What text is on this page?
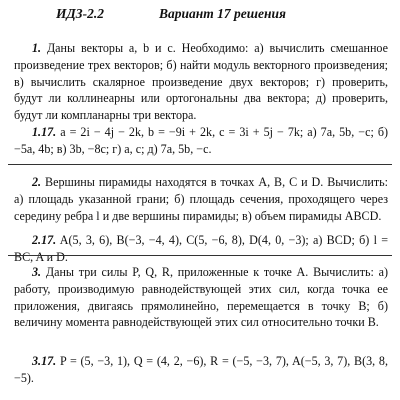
ИДЗ-2.2	Вариант 17 решения

1. Даны векторы a, b и c. Необходимо: а) вычислить смешанное произведение трех векторов; б) найти модуль векторного произведения; в) вычислить скалярное произведение двух векторов; г) проверить, будут ли коллинеарны или ортогональны два вектора; д) проверить, будут ли компланарны три вектора.

1.17. a = 2i − 4j − 2k, b = −9i + 2k, c = 3i + 5j − 7k; а) 7a, 5b, −c; б) −5a, 4b; в) 3b, −8c; г) a, c; д) 7a, 5b, −c.

2. Вершины пирамиды находятся в точках A, B, C и D. Вычислить: а) площадь указанной грани; б) площадь сечения, проходящего через середину ребра l и две вершины пирамиды; в) объем пирамиды ABCD.

2.17. A(5, 3, 6), B(−3, −4, 4), C(5, −6, 8), D(4, 0, −3); а) BCD; б) l = BC, A и D.

3. Даны три силы P, Q, R, приложенные к точке A. Вычислить: а) работу, производимую равнодействующей этих сил, когда точка ее приложения, двигаясь прямолинейно, перемещается в точку B; б) величину момента равнодействующей этих сил относительно точки B.

3.17. P = (5, −3, 1), Q = (4, 2, −6), R = (−5, −3, 7), A(−5, 3, 7), B(3, 8, −5).
